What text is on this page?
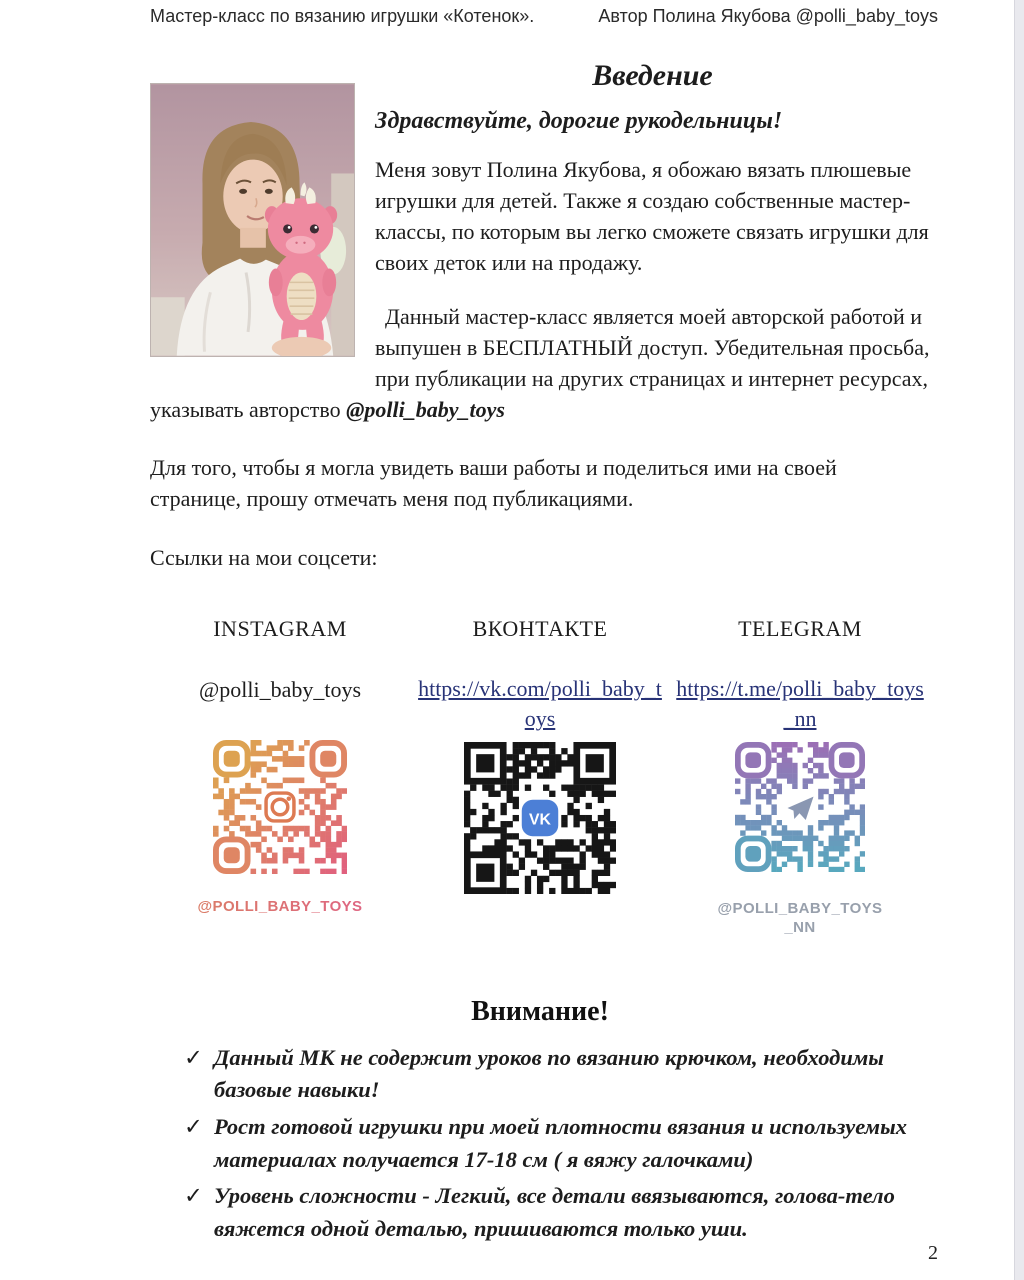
Мастер-класс по вязанию игрушки «Котенок».	Автор Полина Якубова @polli_baby_toys
Введение
Здравствуйте, дорогие рукодельницы!

Меня зовут Полина Якубова, я обожаю вязать плюшевые игрушки для детей. Также я создаю собственные мастер-классы, по которым вы легко сможете связать игрушки для своих деток или на продажу.

Данный мастер-класс является моей авторской работой и выпушен в БЕСПЛАТНЫЙ доступ. Убедительная просьба, при публикации на других страницах и интернет ресурсах, указывать авторство @polli_baby_toys

Для того, чтобы я могла увидеть ваши работы и поделиться ими на своей странице, прошу отмечать меня под публикациями.

Ссылки на мои соцсети:

INSTAGRAM
@polli_baby_toys
@POLLI_BABY_TOYS
ВКОНТАКТЕ
https://vk.com/polli_baby_toys
VK
TELEGRAM
https://t.me/polli_baby_toys_nn
@POLLI_BABY_TOYS_NN
Внимание!
✓ Данный МК не содержит уроков по вязанию крючком, необходимы базовые навыки!
✓ Рост готовой игрушки при моей плотности вязания и используемых материалах получается 17-18 см ( я вяжу галочками)
✓ Уровень сложности - Легкий, все детали ввязываются, голова-тело вяжется одной деталью, пришиваются только уши.
2
